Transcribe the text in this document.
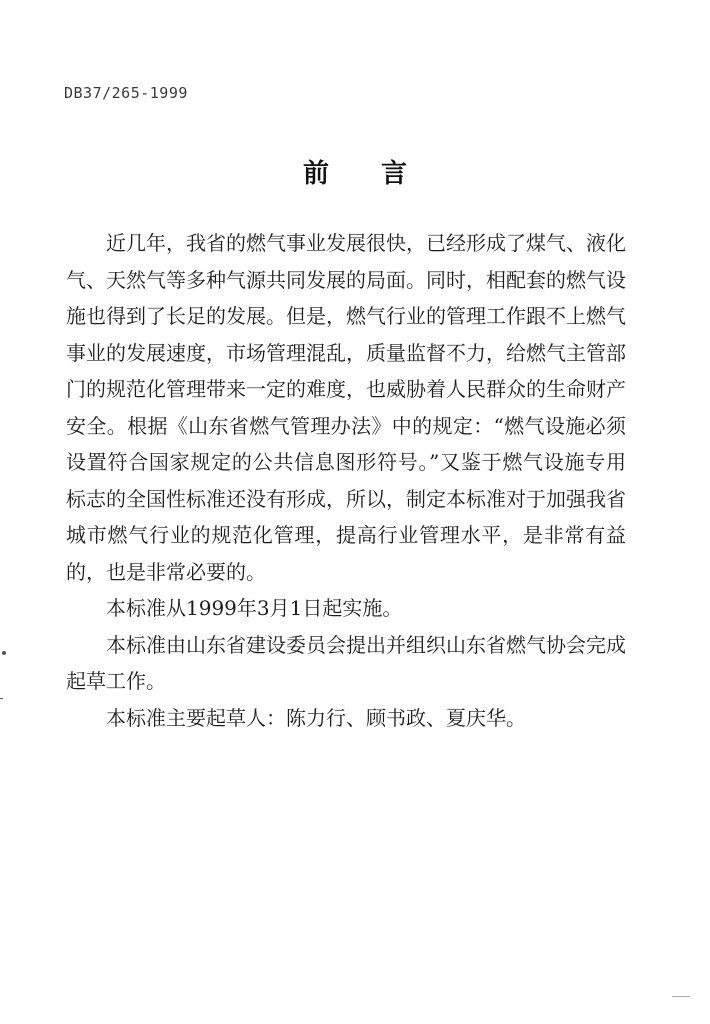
DB37/265-1999
前言

近几年，我省的燃气事业发展很快，已经形成了煤气、液化气、天然气等多种气源共同发展的局面。同时，相配套的燃气设施也得到了长足的发展。但是，燃气行业的管理工作跟不上燃气事业的发展速度，市场管理混乱，质量监督不力，给燃气主管部门的规范化管理带来一定的难度，也威胁着人民群众的生命财产安全。根据《山东省燃气管理办法》中的规定：“燃气设施必须设置符合国家规定的公共信息图形符号。”又鉴于燃气设施专用标志的全国性标准还没有形成，所以，制定本标准对于加强我省城市燃气行业的规范化管理，提高行业管理水平，是非常有益的，也是非常必要的。

本标准从1999年3月1日起实施。

本标准由山东省建设委员会提出并组织山东省燃气协会完成起草工作。

本标准主要起草人：陈力行、顾书政、夏庆华。
